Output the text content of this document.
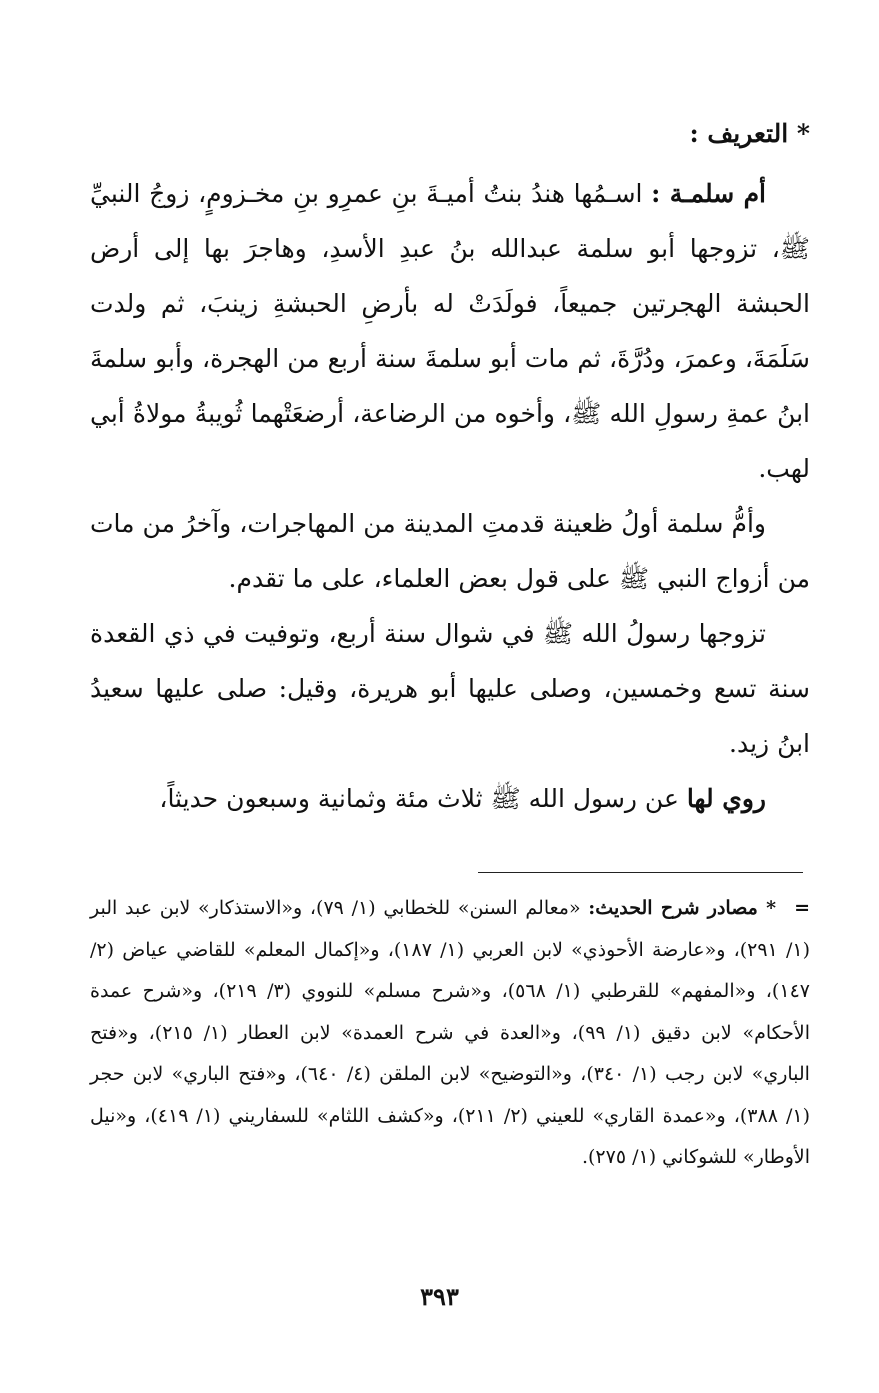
* التعريف :

أم سلمـة : اسـمُها هندُ بنتُ أميـةَ بنِ عمرِو بنِ مخـزومٍ، زوجُ النبيِّ ﷺ، تزوجها أبو سلمة عبدالله بنُ عبدِ الأسدِ، وهاجرَ بها إلى أرض الحبشة الهجرتين جميعاً، فولَدَتْ له بأرضِ الحبشةِ زينبَ، ثم ولدت سَلَمَةَ، وعمرَ، ودُرَّةَ، ثم مات أبو سلمةَ سنة أربع من الهجرة، وأبو سلمةَ ابنُ عمةِ رسولِ الله ﷺ، وأخوه من الرضاعة، أرضعَتْهما ثُويبةُ مولاةُ أبي لهب.

وأمُّ سلمة أولُ ظعينة قدمتِ المدينة من المهاجرات، وآخرُ من مات من أزواج النبي ﷺ على قول بعض العلماء، على ما تقدم.

تزوجها رسولُ الله ﷺ في شوال سنة أربع، وتوفيت في ذي القعدة سنة تسع وخمسين، وصلى عليها أبو هريرة، وقيل: صلى عليها سعيدُ ابنُ زيد.

روي لها عن رسول الله ﷺ ثلاث مئة وثمانية وسبعون حديثاً،

=* مصادر شرح الحديث: «معالم السنن» للخطابي (١/ ٧٩)، و«الاستذكار» لابن عبد البر (١/ ٢٩١)، و«عارضة الأحوذي» لابن العربي (١/ ١٨٧)، و«إكمال المعلم» للقاضي عياض (٢/ ١٤٧)، و«المفهم» للقرطبي (١/ ٥٦٨)، و«شرح مسلم» للنووي (٣/ ٢١٩)، و«شرح عمدة الأحكام» لابن دقيق (١/ ٩٩)، و«العدة في شرح العمدة» لابن العطار (١/ ٢١٥)، و«فتح الباري» لابن رجب (١/ ٣٤٠)، و«التوضيح» لابن الملقن (٤/ ٦٤٠)، و«فتح الباري» لابن حجر (١/ ٣٨٨)، و«عمدة القاري» للعيني (٢/ ٢١١)، و«كشف اللثام» للسفاريني (١/ ٤١٩)، و«نيل الأوطار» للشوكاني (١/ ٢٧٥).
٣٩٣
